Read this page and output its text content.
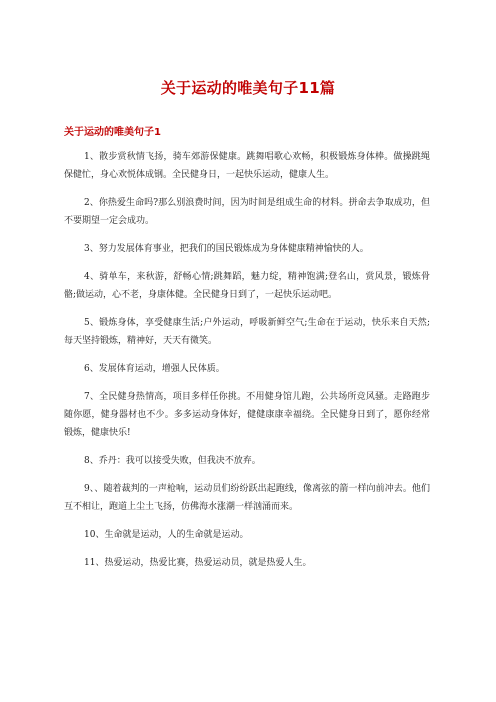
关于运动的唯美句子11篇
关于运动的唯美句子1

1、散步赏秋情飞扬，骑车郊游保健康。跳舞唱歌心欢畅，积极锻炼身体棒。做操跳绳保健忙，身心欢悦体成钢。全民健身日，一起快乐运动，健康人生。

2、你热爱生命吗?那么别浪费时间，因为时间是组成生命的材料。拼命去争取成功，但不要期望一定会成功。

3、努力发展体育事业，把我们的国民锻炼成为身体健康精神愉快的人。

4、骑单车，来秋游，舒畅心情;跳舞蹈，魅力绽，精神饱满;登名山，赏风景，锻炼骨骼;做运动，心不老，身康体健。全民健身日到了，一起快乐运动吧。

5、锻炼身体，享受健康生活;户外运动，呼吸新鲜空气;生命在于运动，快乐来自天然;每天坚持锻炼，精神好，天天有微笑。

6、发展体育运动，增强人民体质。

7、全民健身热情高，项目多样任你挑。不用健身馆儿跑，公共场所竞风骚。走路跑步随你愿，健身器材也不少。多多运动身体好，健健康康幸福绕。全民健身日到了，愿你经常锻炼，健康快乐!

8、乔丹：我可以接受失败，但我决不放弃。

9、、随着裁判的一声枪响，运动员们纷纷跃出起跑线，像离弦的箭一样向前冲去。他们互不相让，跑道上尘土飞扬，仿佛海水涨潮一样汹涌而来。

10、生命就是运动，人的生命就是运动。

11、热爱运动，热爱比赛，热爱运动员，就是热爱人生。
